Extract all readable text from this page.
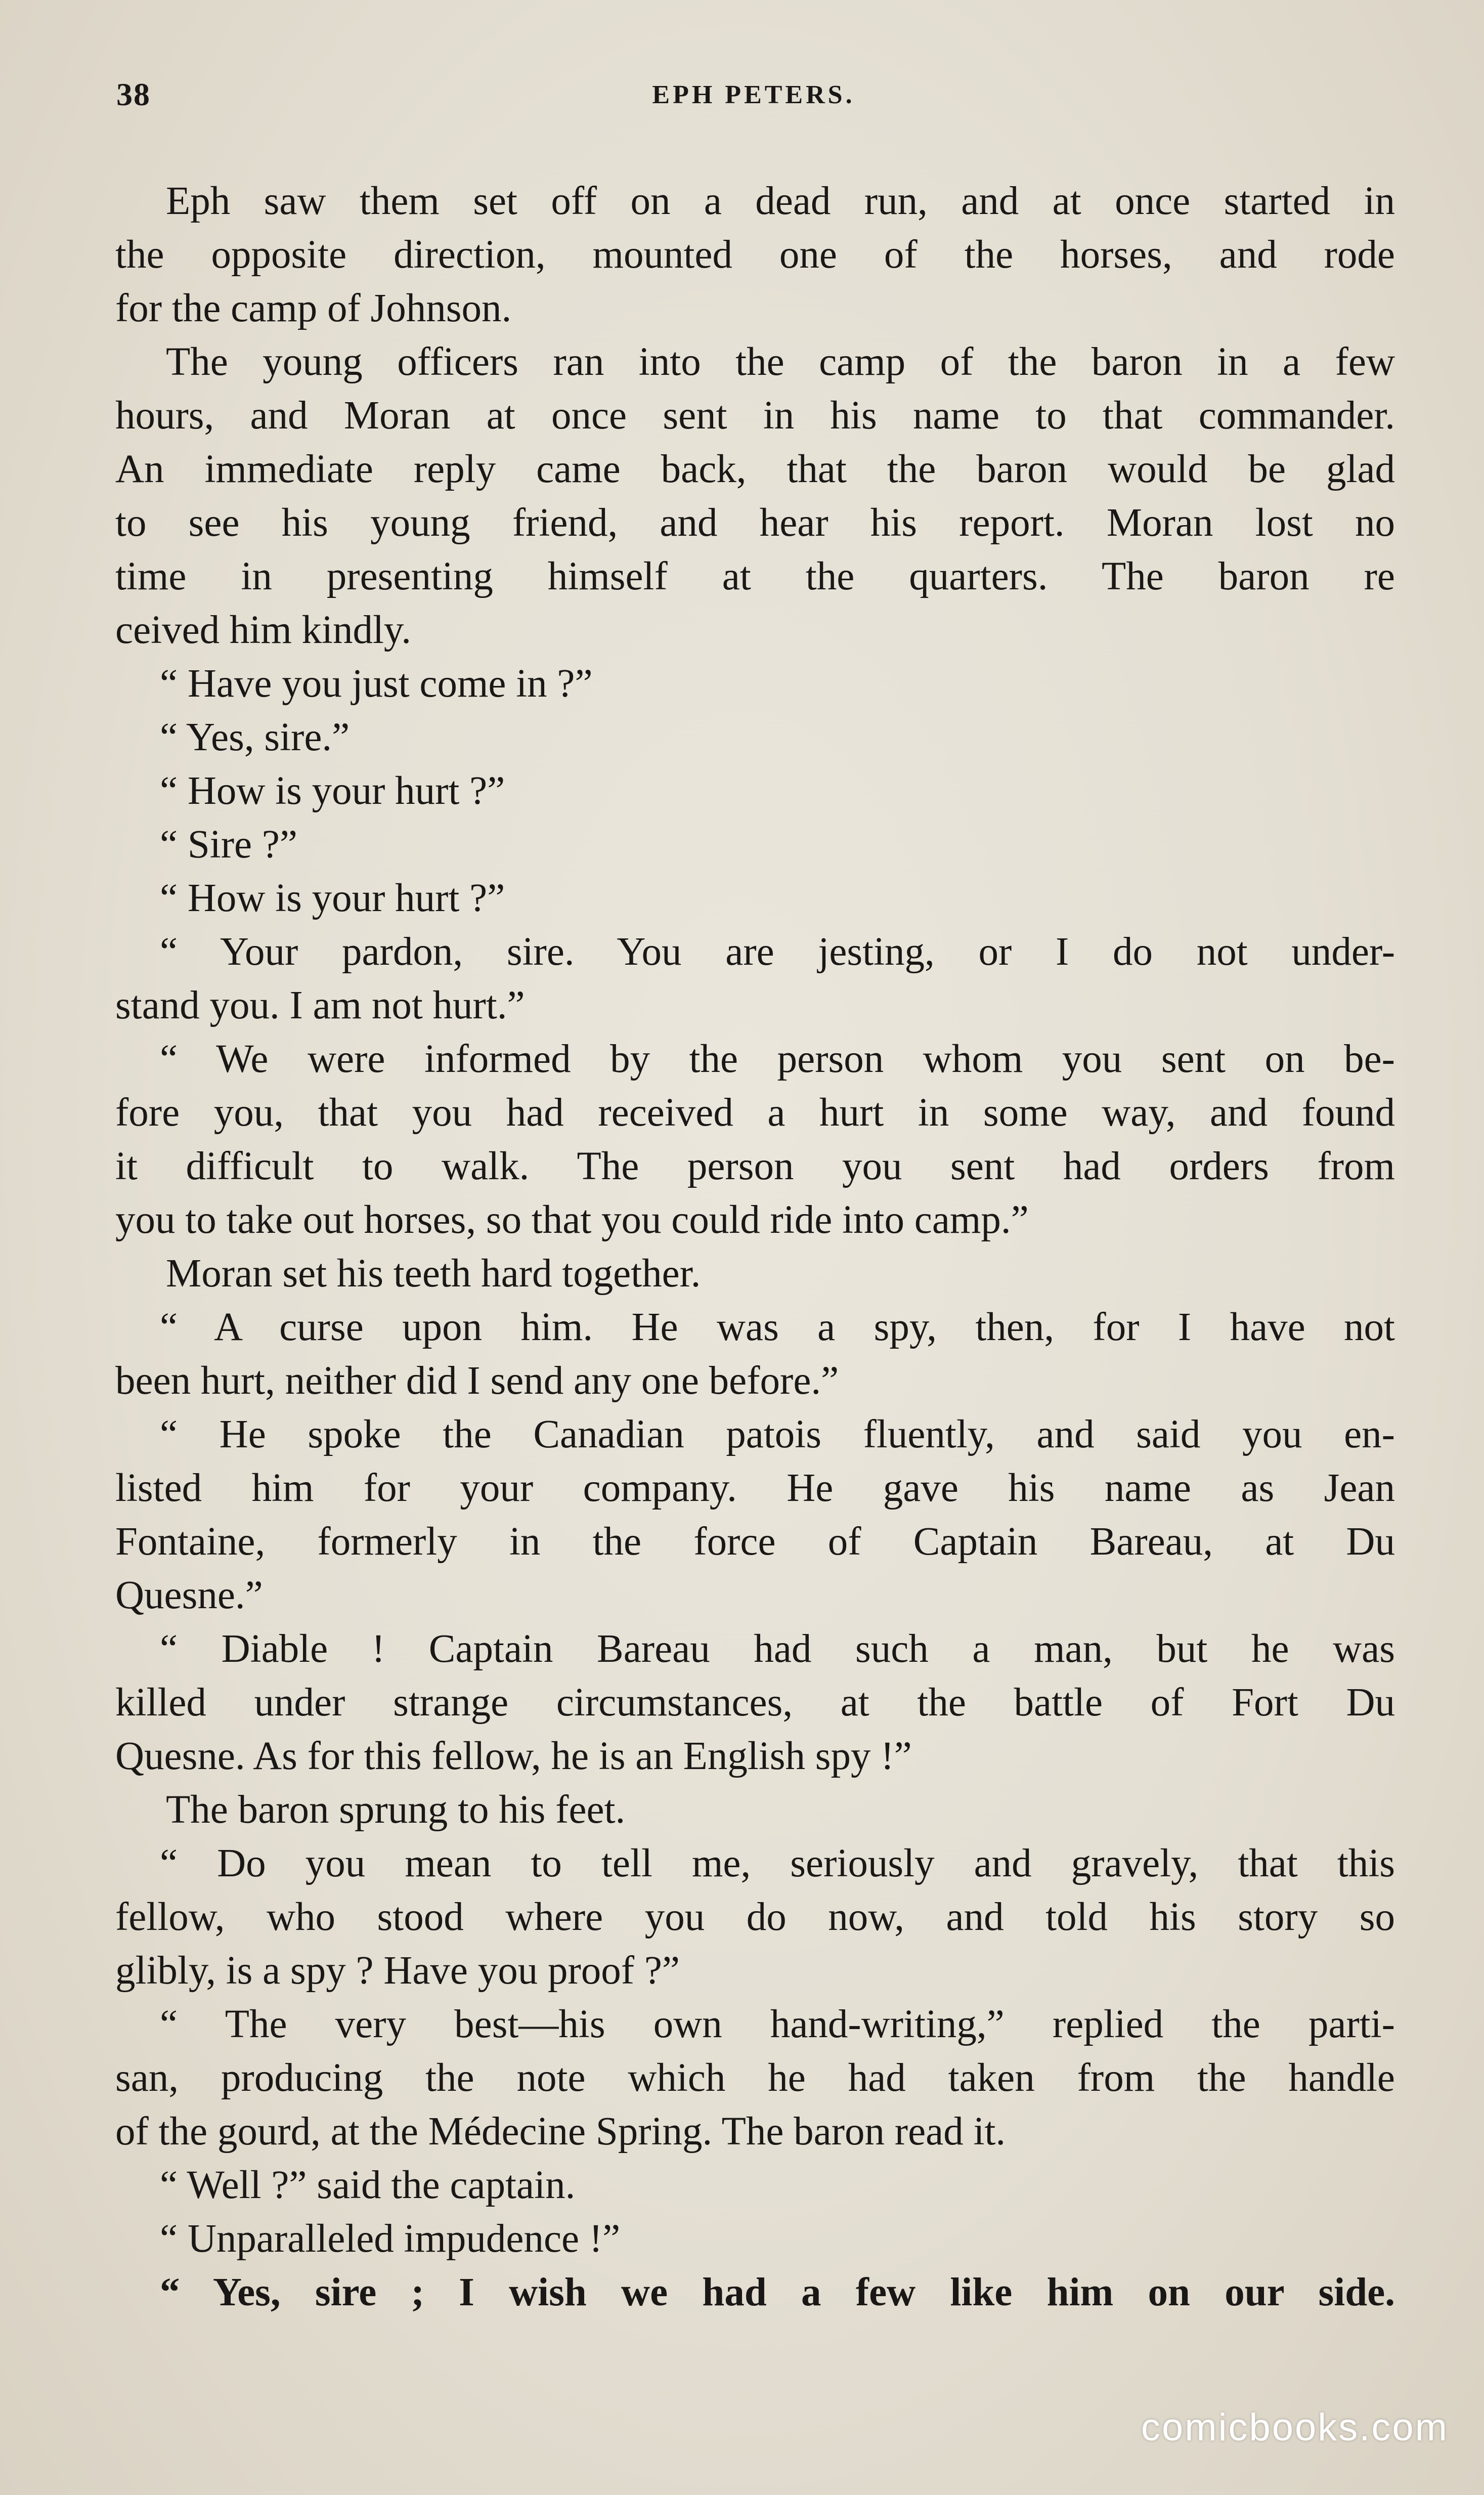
38	EPH PETERS.
Eph saw them set off on a dead run, and at once started in
the opposite direction, mounted one of the horses, and rode
for the camp of Johnson.
The young officers ran into the camp of the baron in a few
hours, and Moran at once sent in his name to that commander.
An immediate reply came back, that the baron would be glad
to see his young friend, and hear his report. Moran lost no
time in presenting himself at the quarters. The baron re
ceived him kindly.
“ Have you just come in ?”
“ Yes, sire.”
“ How is your hurt ?”
“ Sire ?”
“ How is your hurt ?”
“ Your pardon, sire. You are jesting, or I do not under-
stand you. I am not hurt.”
“ We were informed by the person whom you sent on be-
fore you, that you had received a hurt in some way, and found
it difficult to walk. The person you sent had orders from
you to take out horses, so that you could ride into camp.”
Moran set his teeth hard together.
“ A curse upon him. He was a spy, then, for I have not
been hurt, neither did I send any one before.”
“ He spoke the Canadian patois fluently, and said you en-
listed him for your company. He gave his name as Jean
Fontaine, formerly in the force of Captain Bareau, at Du
Quesne.”
“ Diable ! Captain Bareau had such a man, but he was
killed under strange circumstances, at the battle of Fort Du
Quesne. As for this fellow, he is an English spy !”
The baron sprung to his feet.
“ Do you mean to tell me, seriously and gravely, that this
fellow, who stood where you do now, and told his story so
glibly, is a spy ? Have you proof ?”
“ The very best—his own hand-writing,” replied the parti-
san, producing the note which he had taken from the handle
of the gourd, at the Médecine Spring. The baron read it.
“ Well ?” said the captain.
“ Unparalleled impudence !”
“ Yes, sire ; I wish we had a few like him on our side.
comicbooks.com
